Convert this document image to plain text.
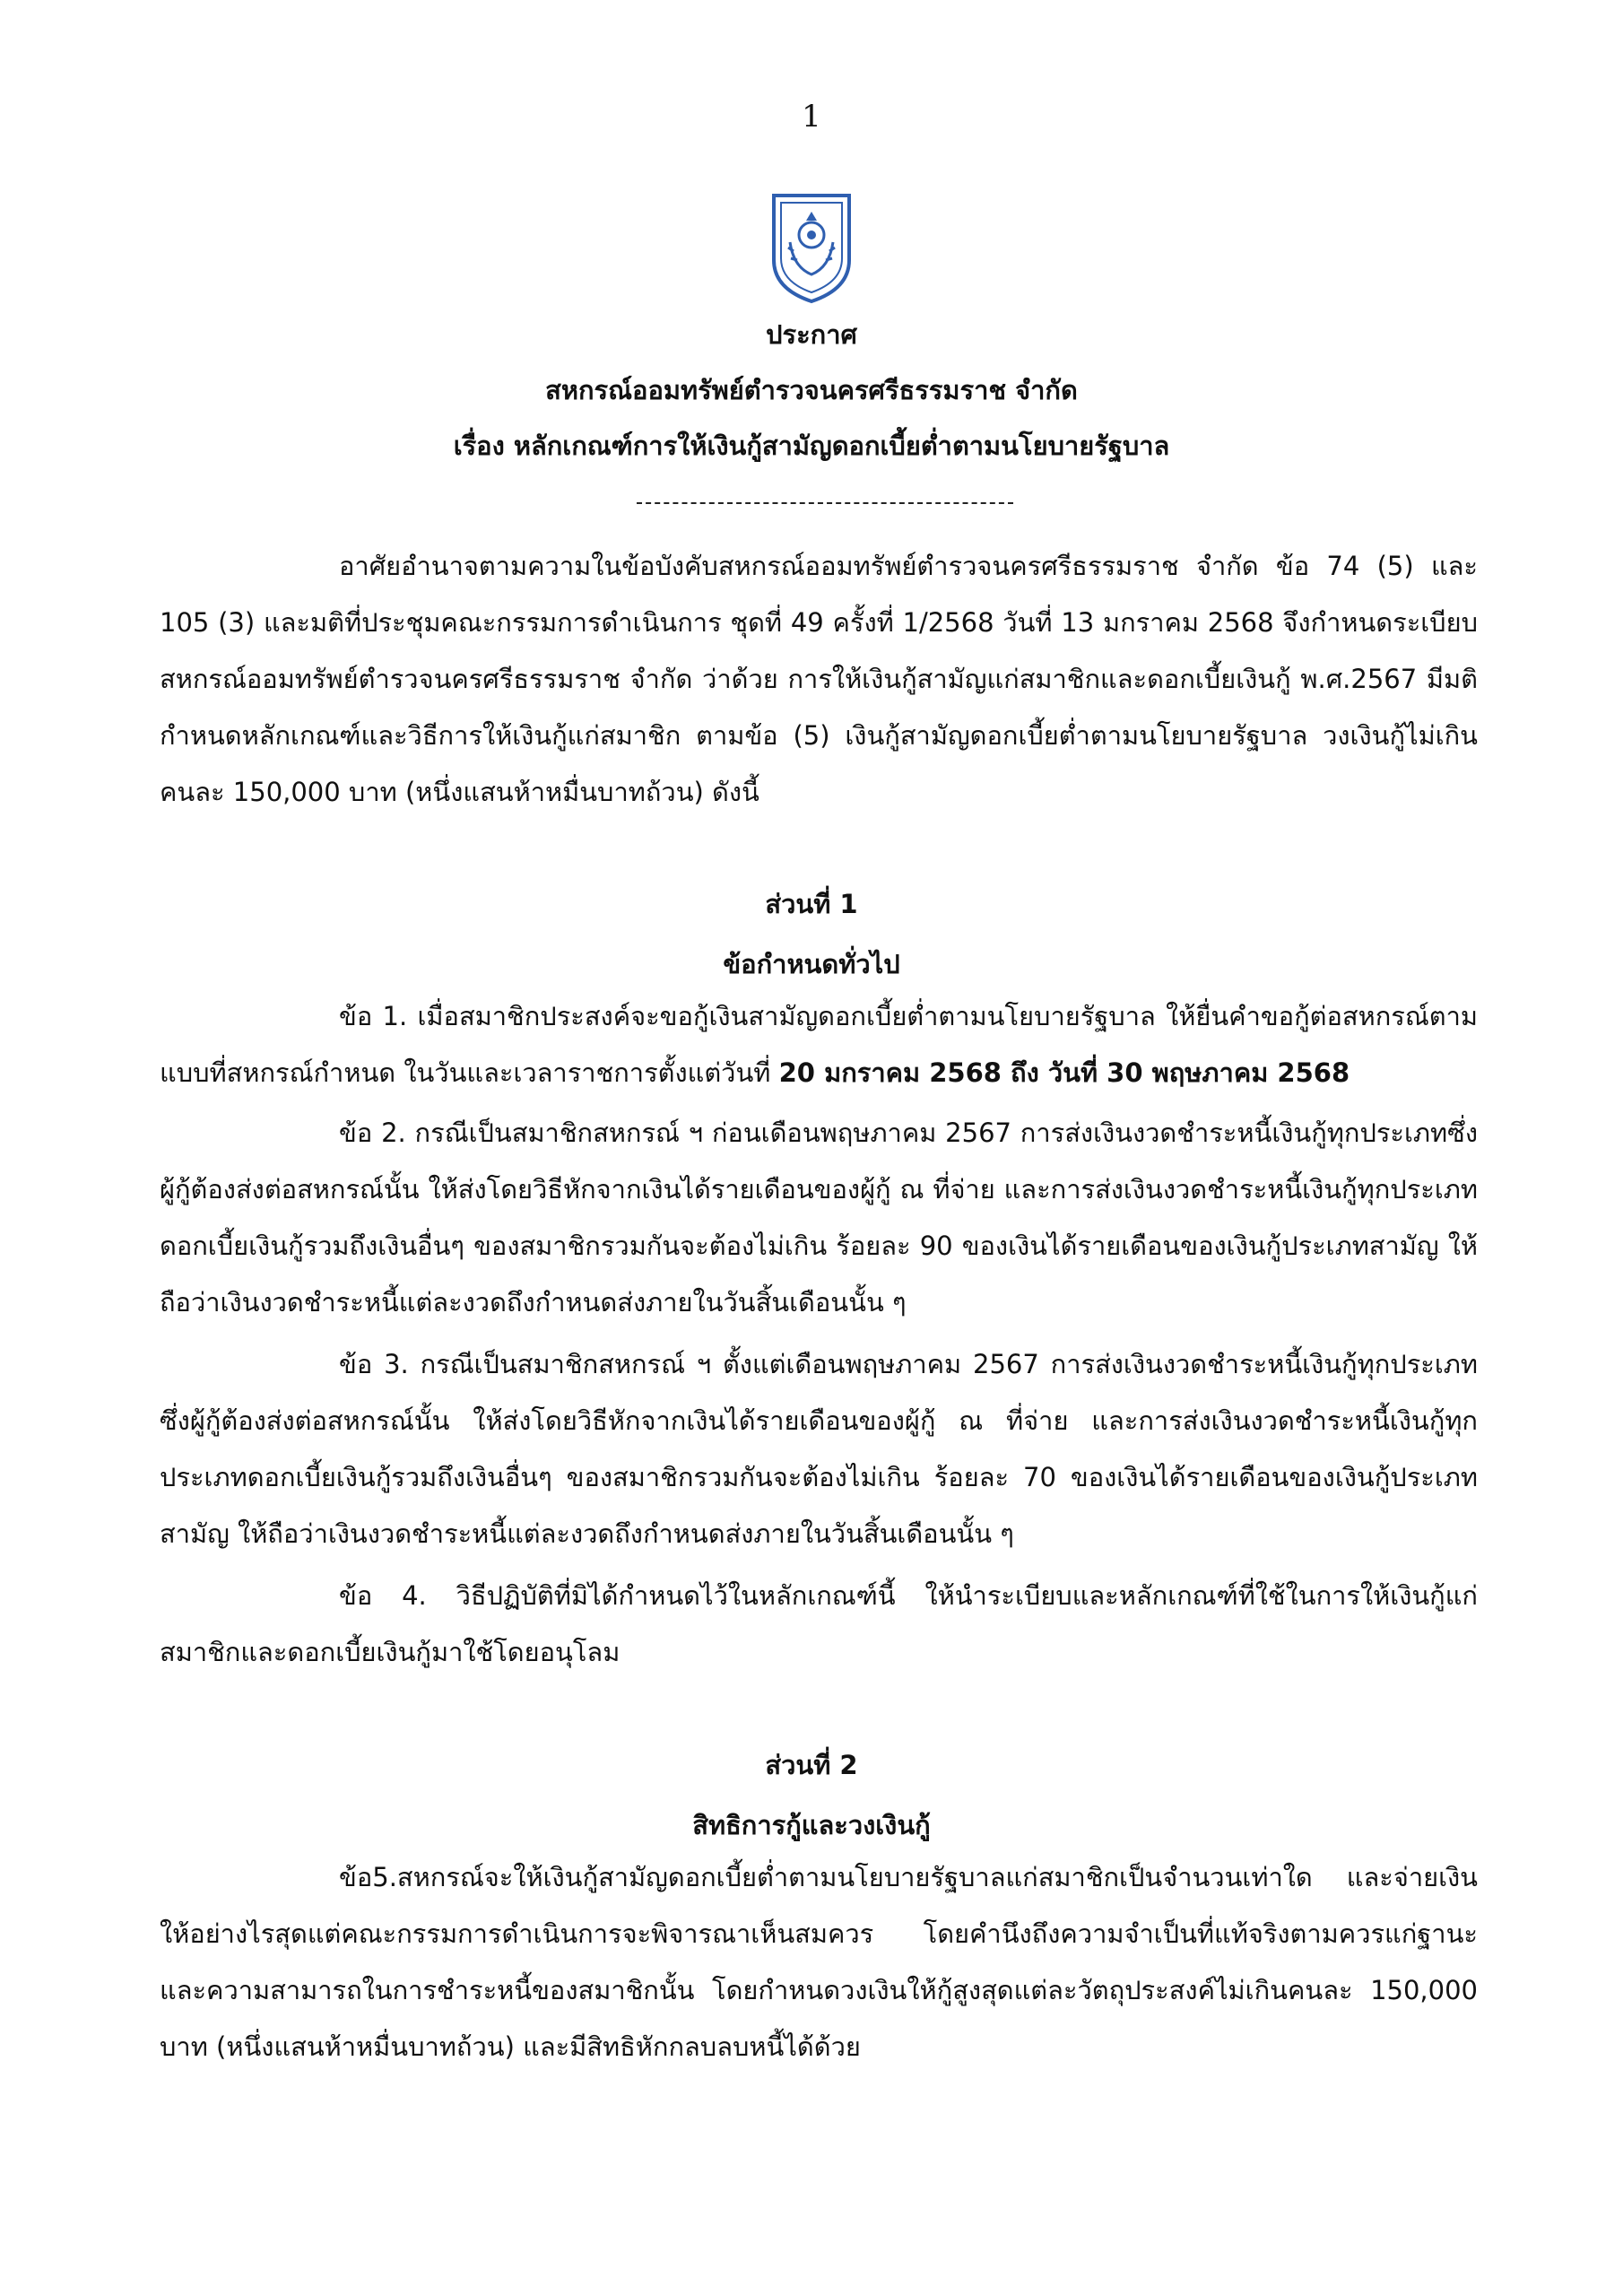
1
ประกาศ
สหกรณ์ออมทรัพย์ตำรวจนครศรีธรรมราช จำกัด
เรื่อง หลักเกณฑ์การให้เงินกู้สามัญดอกเบี้ยต่ำตามนโยบายรัฐบาล
อาศัยอำนาจตามความในข้อบังคับสหกรณ์ออมทรัพย์ตำรวจนครศรีธรรมราช จำกัด ข้อ 74 (5) และ 105 (3) และมติที่ประชุมคณะกรรมการดำเนินการ ชุดที่ 49 ครั้งที่ 1/2568 วันที่ 13 มกราคม 2568 จึงกำหนดระเบียบสหกรณ์ออมทรัพย์ตำรวจนครศรีธรรมราช จำกัด ว่าด้วย การให้เงินกู้สามัญแก่สมาชิกและดอกเบี้ยเงินกู้ พ.ศ.2567 มีมติกำหนดหลักเกณฑ์และวิธีการให้เงินกู้แก่สมาชิก ตามข้อ (5) เงินกู้สามัญดอกเบี้ยต่ำตามนโยบายรัฐบาล วงเงินกู้ไม่เกินคนละ 150,000 บาท (หนึ่งแสนห้าหมื่นบาทถ้วน) ดังนี้
ส่วนที่ 1
ข้อกำหนดทั่วไป
ข้อ 1. เมื่อสมาชิกประสงค์จะขอกู้เงินสามัญดอกเบี้ยต่ำตามนโยบายรัฐบาล ให้ยื่นคำขอกู้ต่อสหกรณ์ตามแบบที่สหกรณ์กำหนด ในวันและเวลาราชการตั้งแต่วันที่ 20 มกราคม 2568 ถึง วันที่ 30 พฤษภาคม 2568
ข้อ 2. กรณีเป็นสมาชิกสหกรณ์ ฯ ก่อนเดือนพฤษภาคม 2567 การส่งเงินงวดชำระหนี้เงินกู้ทุกประเภทซึ่งผู้กู้ต้องส่งต่อสหกรณ์นั้น ให้ส่งโดยวิธีหักจากเงินได้รายเดือนของผู้กู้ ณ ที่จ่าย และการส่งเงินงวดชำระหนี้เงินกู้ทุกประเภทดอกเบี้ยเงินกู้รวมถึงเงินอื่นๆ ของสมาชิกรวมกันจะต้องไม่เกิน ร้อยละ 90 ของเงินได้รายเดือนของเงินกู้ประเภทสามัญ ให้ถือว่าเงินงวดชำระหนี้แต่ละงวดถึงกำหนดส่งภายในวันสิ้นเดือนนั้น ๆ
ข้อ 3. กรณีเป็นสมาชิกสหกรณ์ ฯ ตั้งแต่เดือนพฤษภาคม 2567 การส่งเงินงวดชำระหนี้เงินกู้ทุกประเภทซึ่งผู้กู้ต้องส่งต่อสหกรณ์นั้น ให้ส่งโดยวิธีหักจากเงินได้รายเดือนของผู้กู้ ณ ที่จ่าย และการส่งเงินงวดชำระหนี้เงินกู้ทุกประเภทดอกเบี้ยเงินกู้รวมถึงเงินอื่นๆ ของสมาชิกรวมกันจะต้องไม่เกิน ร้อยละ 70 ของเงินได้รายเดือนของเงินกู้ประเภทสามัญ ให้ถือว่าเงินงวดชำระหนี้แต่ละงวดถึงกำหนดส่งภายในวันสิ้นเดือนนั้น ๆ
ข้อ 4. วิธีปฏิบัติที่มิได้กำหนดไว้ในหลักเกณฑ์นี้ ให้นำระเบียบและหลักเกณฑ์ที่ใช้ในการให้เงินกู้แก่สมาชิกและดอกเบี้ยเงินกู้มาใช้โดยอนุโลม
ส่วนที่ 2
สิทธิการกู้และวงเงินกู้
ข้อ5.สหกรณ์จะให้เงินกู้สามัญดอกเบี้ยต่ำตามนโยบายรัฐบาลแก่สมาชิกเป็นจำนวนเท่าใด และจ่ายเงินให้อย่างไรสุดแต่คณะกรรมการดำเนินการจะพิจารณาเห็นสมควร โดยคำนึงถึงความจำเป็นที่แท้จริงตามควรแก่ฐานะและความสามารถในการชำระหนี้ของสมาชิกนั้น โดยกำหนดวงเงินให้กู้สูงสุดแต่ละวัตถุประสงค์ไม่เกินคนละ 150,000 บาท (หนึ่งแสนห้าหมื่นบาทถ้วน) และมีสิทธิหักกลบลบหนี้ได้ด้วย
